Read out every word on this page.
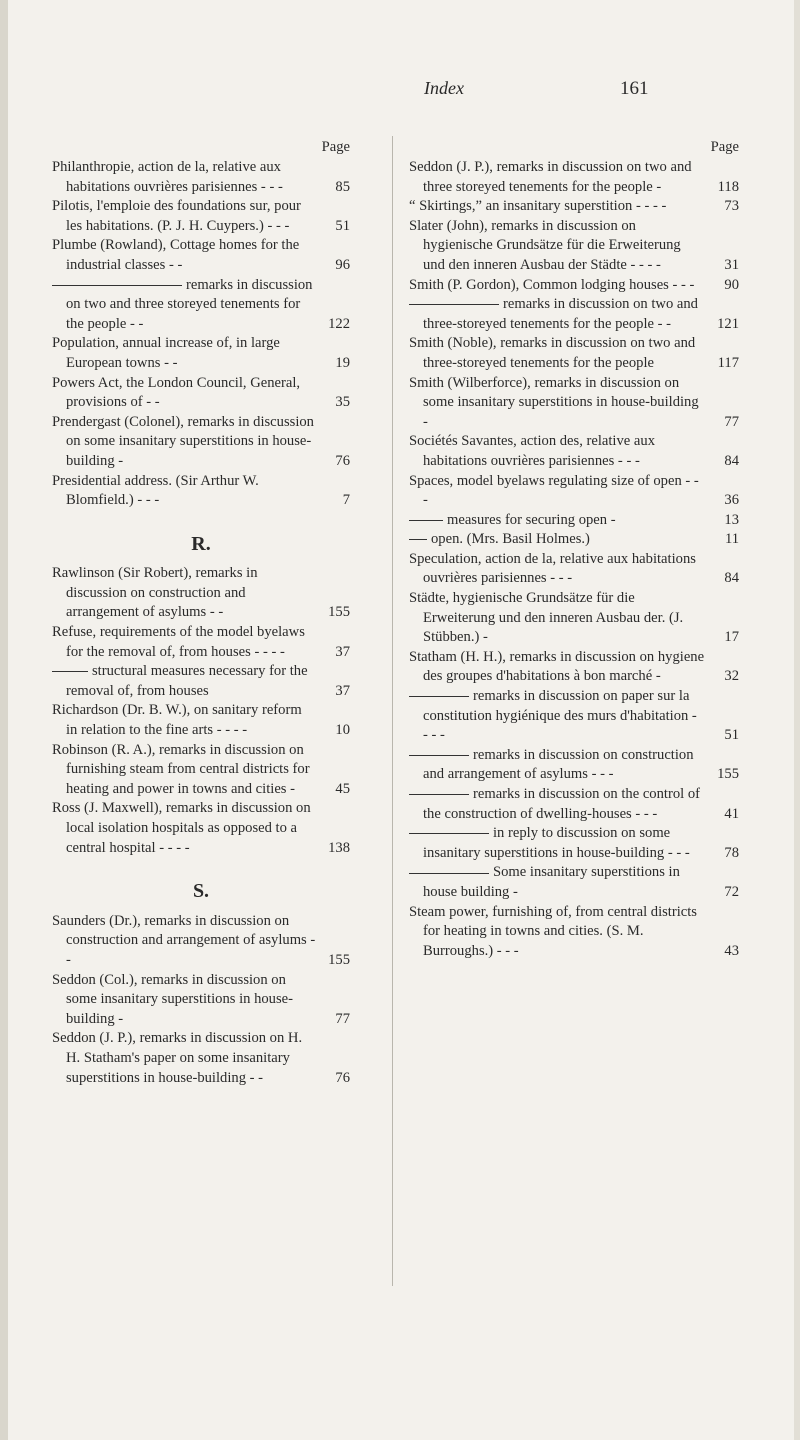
Index	161
Page
Philanthropie, action de la, relative aux habitations ouvrières parisiennes - - -	85
Pilotis, l'emploie des foundations sur, pour les habitations. (P. J. H. Cuypers.) - - -	51
Plumbe (Rowland), Cottage homes for the industrial classes - -	96
remarks in discussion on two and three storeyed tenements for the people - -	122
Population, annual increase of, in large European towns - -	19
Powers Act, the London Council, General, provisions of - -	35
Prendergast (Colonel), remarks in discussion on some insanitary superstitions in house-building -	76
Presidential address. (Sir Arthur W. Blomfield.) - - -	7
R.
Rawlinson (Sir Robert), remarks in discussion on construction and arrangement of asylums - -	155
Refuse, requirements of the model byelaws for the removal of, from houses - - - -	37
structural measures necessary for the removal of, from houses	37
Richardson (Dr. B. W.), on sanitary reform in relation to the fine arts - - - -	10
Robinson (R. A.), remarks in discussion on furnishing steam from central districts for heating and power in towns and cities -	45
Ross (J. Maxwell), remarks in discussion on local isolation hospitals as opposed to a central hospital - - - -	138
S.
Saunders (Dr.), remarks in discussion on construction and arrangement of asylums - -	155
Seddon (Col.), remarks in discussion on some insanitary superstitions in house-building -	77
Seddon (J. P.), remarks in discussion on H. H. Statham's paper on some insanitary superstitions in house-building - -	76
Page
Seddon (J. P.), remarks in discussion on two and three storeyed tenements for the people -	118
“ Skirtings,” an insanitary superstition - - - -	73
Slater (John), remarks in discussion on hygienische Grundsätze für die Erweiterung und den inneren Ausbau der Städte - - - -	31
Smith (P. Gordon), Common lodging houses - - -	90
remarks in discussion on two and three-storeyed tenements for the people - -	121
Smith (Noble), remarks in discussion on two and three-storeyed tenements for the people	117
Smith (Wilberforce), remarks in discussion on some insanitary superstitions in house-building -	77
Sociétés Savantes, action des, relative aux habitations ouvrières parisiennes - - -	84
Spaces, model byelaws regulating size of open - - -	36
measures for securing open -	13
open. (Mrs. Basil Holmes.)	11
Speculation, action de la, relative aux habitations ouvrières parisiennes - - -	84
Städte, hygienische Grundsätze für die Erweiterung und den inneren Ausbau der. (J. Stübben.) -	17
Statham (H. H.), remarks in discussion on hygiene des groupes d'habitations à bon marché -	32
remarks in discussion on paper sur la constitution hygiénique des murs d'habitation - - - -	51
remarks in discussion on construction and arrangement of asylums - - -	155
remarks in discussion on the control of the construction of dwelling-houses - - -	41
in reply to discussion on some insanitary superstitions in house-building - - -	78
Some insanitary superstitions in house building -	72
Steam power, furnishing of, from central districts for heating in towns and cities. (S. M. Burroughs.) - - -	43
